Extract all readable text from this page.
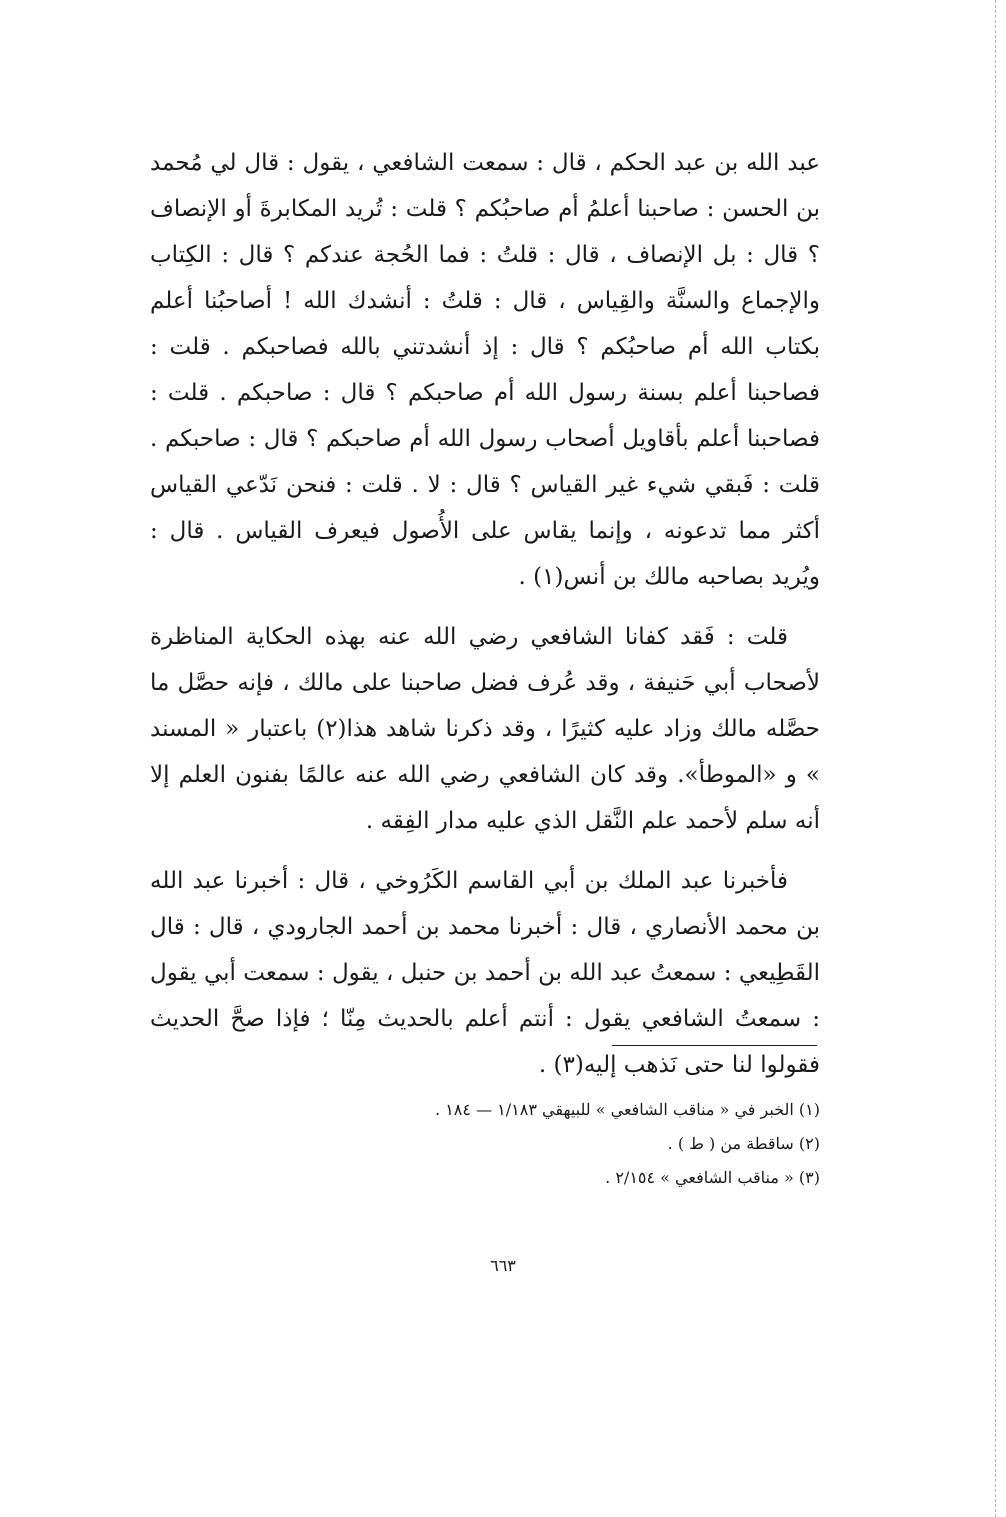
عبد الله بن عبد الحكم ، قال : سمعت الشافعي ، يقول : قال لي مُحمد بن الحسن : صاحبنا أعلمُ أم صاحبُكم ؟ قلت : تُريد المكابرةَ أو الإنصاف ؟ قال : بل الإنصاف ، قال : قلتُ : فما الحُجة عندكم ؟ قال : الكِتاب والإجماع والسنَّة والقِياس ، قال : قلتُ : أنشدك الله ! أصاحبُنا أعلم بكتاب الله أم صاحبُكم ؟ قال : إذ أنشدتني بالله فصاحبكم . قلت : فصاحبنا أعلم بسنة رسول الله أم صاحبكم ؟ قال : صاحبكم . قلت : فصاحبنا أعلم بأقاويل أصحاب رسول الله أم صاحبكم ؟ قال : صاحبكم . قلت : فَبقي شيء غير القياس ؟ قال : لا . قلت : فنحن نَدّعي القياس أكثر مما تدعونه ، وإنما يقاس على الأُصول فيعرف القياس . قال : ويُريد بصاحبه مالك بن أنس(١) .

قلت : فَقد كفانا الشافعي رضي الله عنه بهذه الحكاية المناظرة لأصحاب أبي حَنيفة ، وقد عُرف فضل صاحبنا على مالك ، فإنه حصَّل ما حصَّله مالك وزاد عليه كثيرًا ، وقد ذكرنا شاهد هذا(٢) باعتبار « المسند » و «الموطأ». وقد كان الشافعي رضي الله عنه عالمًا بفنون العلم إلا أنه سلم لأحمد علم النَّقل الذي عليه مدار الفِقه .

فأخبرنا عبد الملك بن أبي القاسم الكَرُوخي ، قال : أخبرنا عبد الله بن محمد الأنصاري ، قال : أخبرنا محمد بن أحمد الجارودي ، قال : قال القَطِيعي : سمعتُ عبد الله بن أحمد بن حنبل ، يقول : سمعت أبي يقول : سمعتُ الشافعي يقول : أنتم أعلم بالحديث مِنّا ؛ فإذا صحَّ الحديث فقولوا لنا حتى نَذهب إليه(٣) .

(١) الخبر في « مناقب الشافعي » للبيهقي ١/١٨٣ — ١٨٤ .

(٢) ساقطة من ( ط ) .

(٣) « مناقب الشافعي » ٢/١٥٤ .

٦٦٣
